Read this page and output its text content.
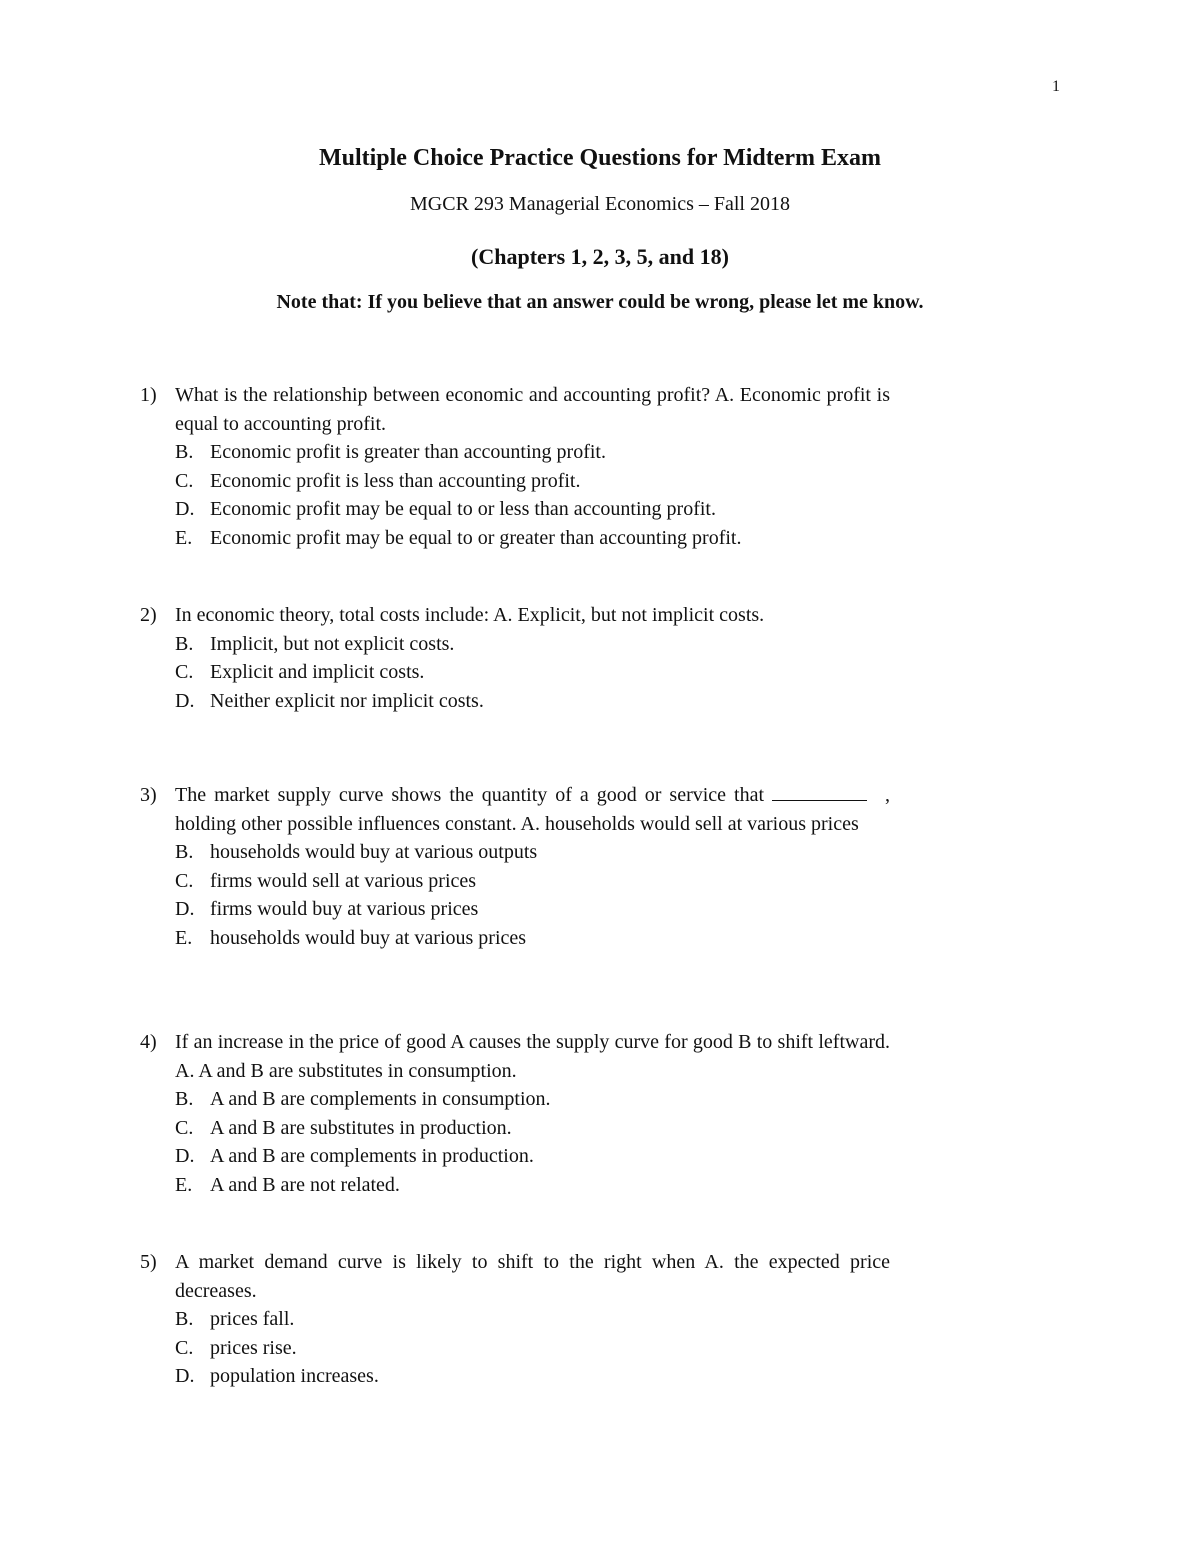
1
Multiple Choice Practice Questions for Midterm Exam

MGCR 293 Managerial Economics – Fall 2018

(Chapters 1, 2, 3, 5, and 18)

Note that: If you believe that an answer could be wrong, please let me know.

1) What is the relationship between economic and accounting profit? A. Economic profit is equal to accounting profit.
B. Economic profit is greater than accounting profit.
C. Economic profit is less than accounting profit.
D. Economic profit may be equal to or less than accounting profit.
E. Economic profit may be equal to or greater than accounting profit.
2) In economic theory, total costs include: A. Explicit, but not implicit costs.
B. Implicit, but not explicit costs.
C. Explicit and implicit costs.
D. Neither explicit nor implicit costs.
3) The market supply curve shows the quantity of a good or service that	, holding other possible influences constant. A. households would sell at various prices
B. households would buy at various outputs
C. firms would sell at various prices
D. firms would buy at various prices
E. households would buy at various prices
4) If an increase in the price of good A causes the supply curve for good B to shift leftward. A. A and B are substitutes in consumption.
B. A and B are complements in consumption.
C. A and B are substitutes in production.
D. A and B are complements in production.
E. A and B are not related.
5) A market demand curve is likely to shift to the right when A. the expected price decreases.
B. prices fall.
C. prices rise.
D. population increases.
